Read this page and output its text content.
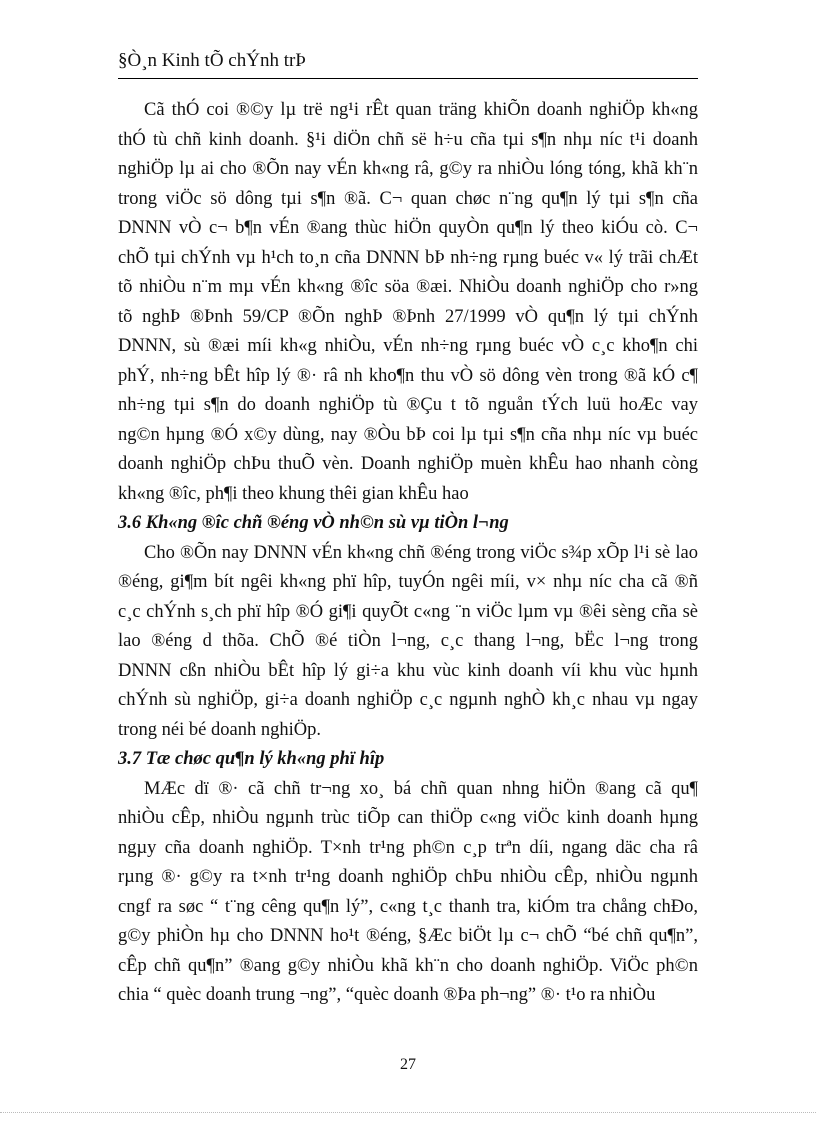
§Ò¸n Kinh tÕ chÝnh trÞ
Cã thÓ coi ®©y lµ trë ng¹i rÊt quan träng khiÕn doanh nghiÖp kh«ng
thÓ tù chñ kinh doanh. §¹i diÖn chñ së h÷u cña tµi s¶n nhµ níc t¹i doanh
nghiÖp lµ ai cho ®Õn nay vÉn kh«ng râ, g©y ra nhiÒu lóng tóng, khã kh¨n
trong viÖc sö dông tµi s¶n ®ã. C¬ quan chøc n¨ng qu¶n lý tµi s¶n cña
DNNN vÒ c¬ b¶n vÉn ®ang thùc hiÖn quyÒn qu¶n lý theo kiÓu cò. C¬
chÕ tµi chÝnh vµ h¹ch to¸n cña DNNN bÞ nh÷ng rµng buéc v« lý trãi chÆt
tõ nhiÒu n¨m mµ vÉn kh«ng ®îc söa ®æi. NhiÒu doanh nghiÖp cho r»ng
tõ nghÞ ®Þnh 59/CP ®Õn nghÞ ®Þnh 27/1999 vÒ qu¶n lý tµi chÝnh
DNNN, sù ®æi míi kh«g nhiÒu, vÉn nh÷ng rµng buéc vÒ c¸c kho¶n chi
phÝ, nh÷ng bÊt hîp lý ®· râ nh kho¶n thu vÒ sö dông vèn trong ®ã kÓ c¶
nh÷ng tµi s¶n do doanh nghiÖp tù ®Çu t tõ nguån tÝch luü hoÆc vay
ng©n hµng ®Ó x©y dùng, nay ®Òu bÞ coi lµ tµi s¶n cña nhµ níc vµ buéc
doanh nghiÖp chÞu thuÕ vèn. Doanh nghiÖp muèn khÊu hao nhanh còng
kh«ng ®îc, ph¶i theo khung thêi gian khÊu hao
3.6 Kh«ng ®îc chñ ®éng vÒ nh©n sù vµ tiÒn l¬ng
Cho ®Õn nay DNNN vÉn kh«ng chñ ®éng trong viÖc s¾p xÕp l¹i sè lao
®éng, gi¶m bít ngêi kh«ng phï hîp, tuyÓn ngêi míi, v× nhµ níc cha cã ®ñ
c¸c chÝnh s¸ch phï hîp ®Ó gi¶i quyÕt c«ng ¨n viÖc lµm vµ ®êi sèng cña sè
lao ®éng d thõa. ChÕ ®é tiÒn l¬ng, c¸c thang l¬ng, bËc l¬ng trong
DNNN cßn nhiÒu bÊt hîp lý gi÷a khu vùc kinh doanh víi khu vùc hµnh
chÝnh sù nghiÖp, gi÷a doanh nghiÖp c¸c ngµnh nghÒ kh¸c nhau vµ ngay
trong néi bé doanh nghiÖp.
3.7 Tæ chøc qu¶n lý kh«ng phï hîp
MÆc dï ®· cã chñ tr¬ng xo¸ bá chñ quan nhng hiÖn ®ang cã qu¶
nhiÒu cÊp, nhiÒu ngµnh trùc tiÕp can thiÖp c«ng viÖc kinh doanh hµng
ngµy cña doanh nghiÖp. T×nh tr¹ng ph©n c¸p trªn díi, ngang däc cha râ
rµng ®· g©y ra t×nh tr¹ng doanh nghiÖp chÞu nhiÒu cÊp, nhiÒu ngµnh
cngf ra søc “ t¨ng cêng qu¶n lý”, c«ng t¸c thanh tra, kiÓm tra chång chÐo,
g©y phiÒn hµ cho DNNN ho¹t ®éng, §Æc biÖt lµ c¬ chÕ “bé chñ qu¶n”,
cÊp chñ qu¶n” ®ang g©y nhiÒu khã kh¨n cho doanh nghiÖp. ViÖc ph©n
chia “ quèc doanh trung ¬ng”, “quèc doanh ®Þa ph¬ng” ®· t¹o ra nhiÒu
27
